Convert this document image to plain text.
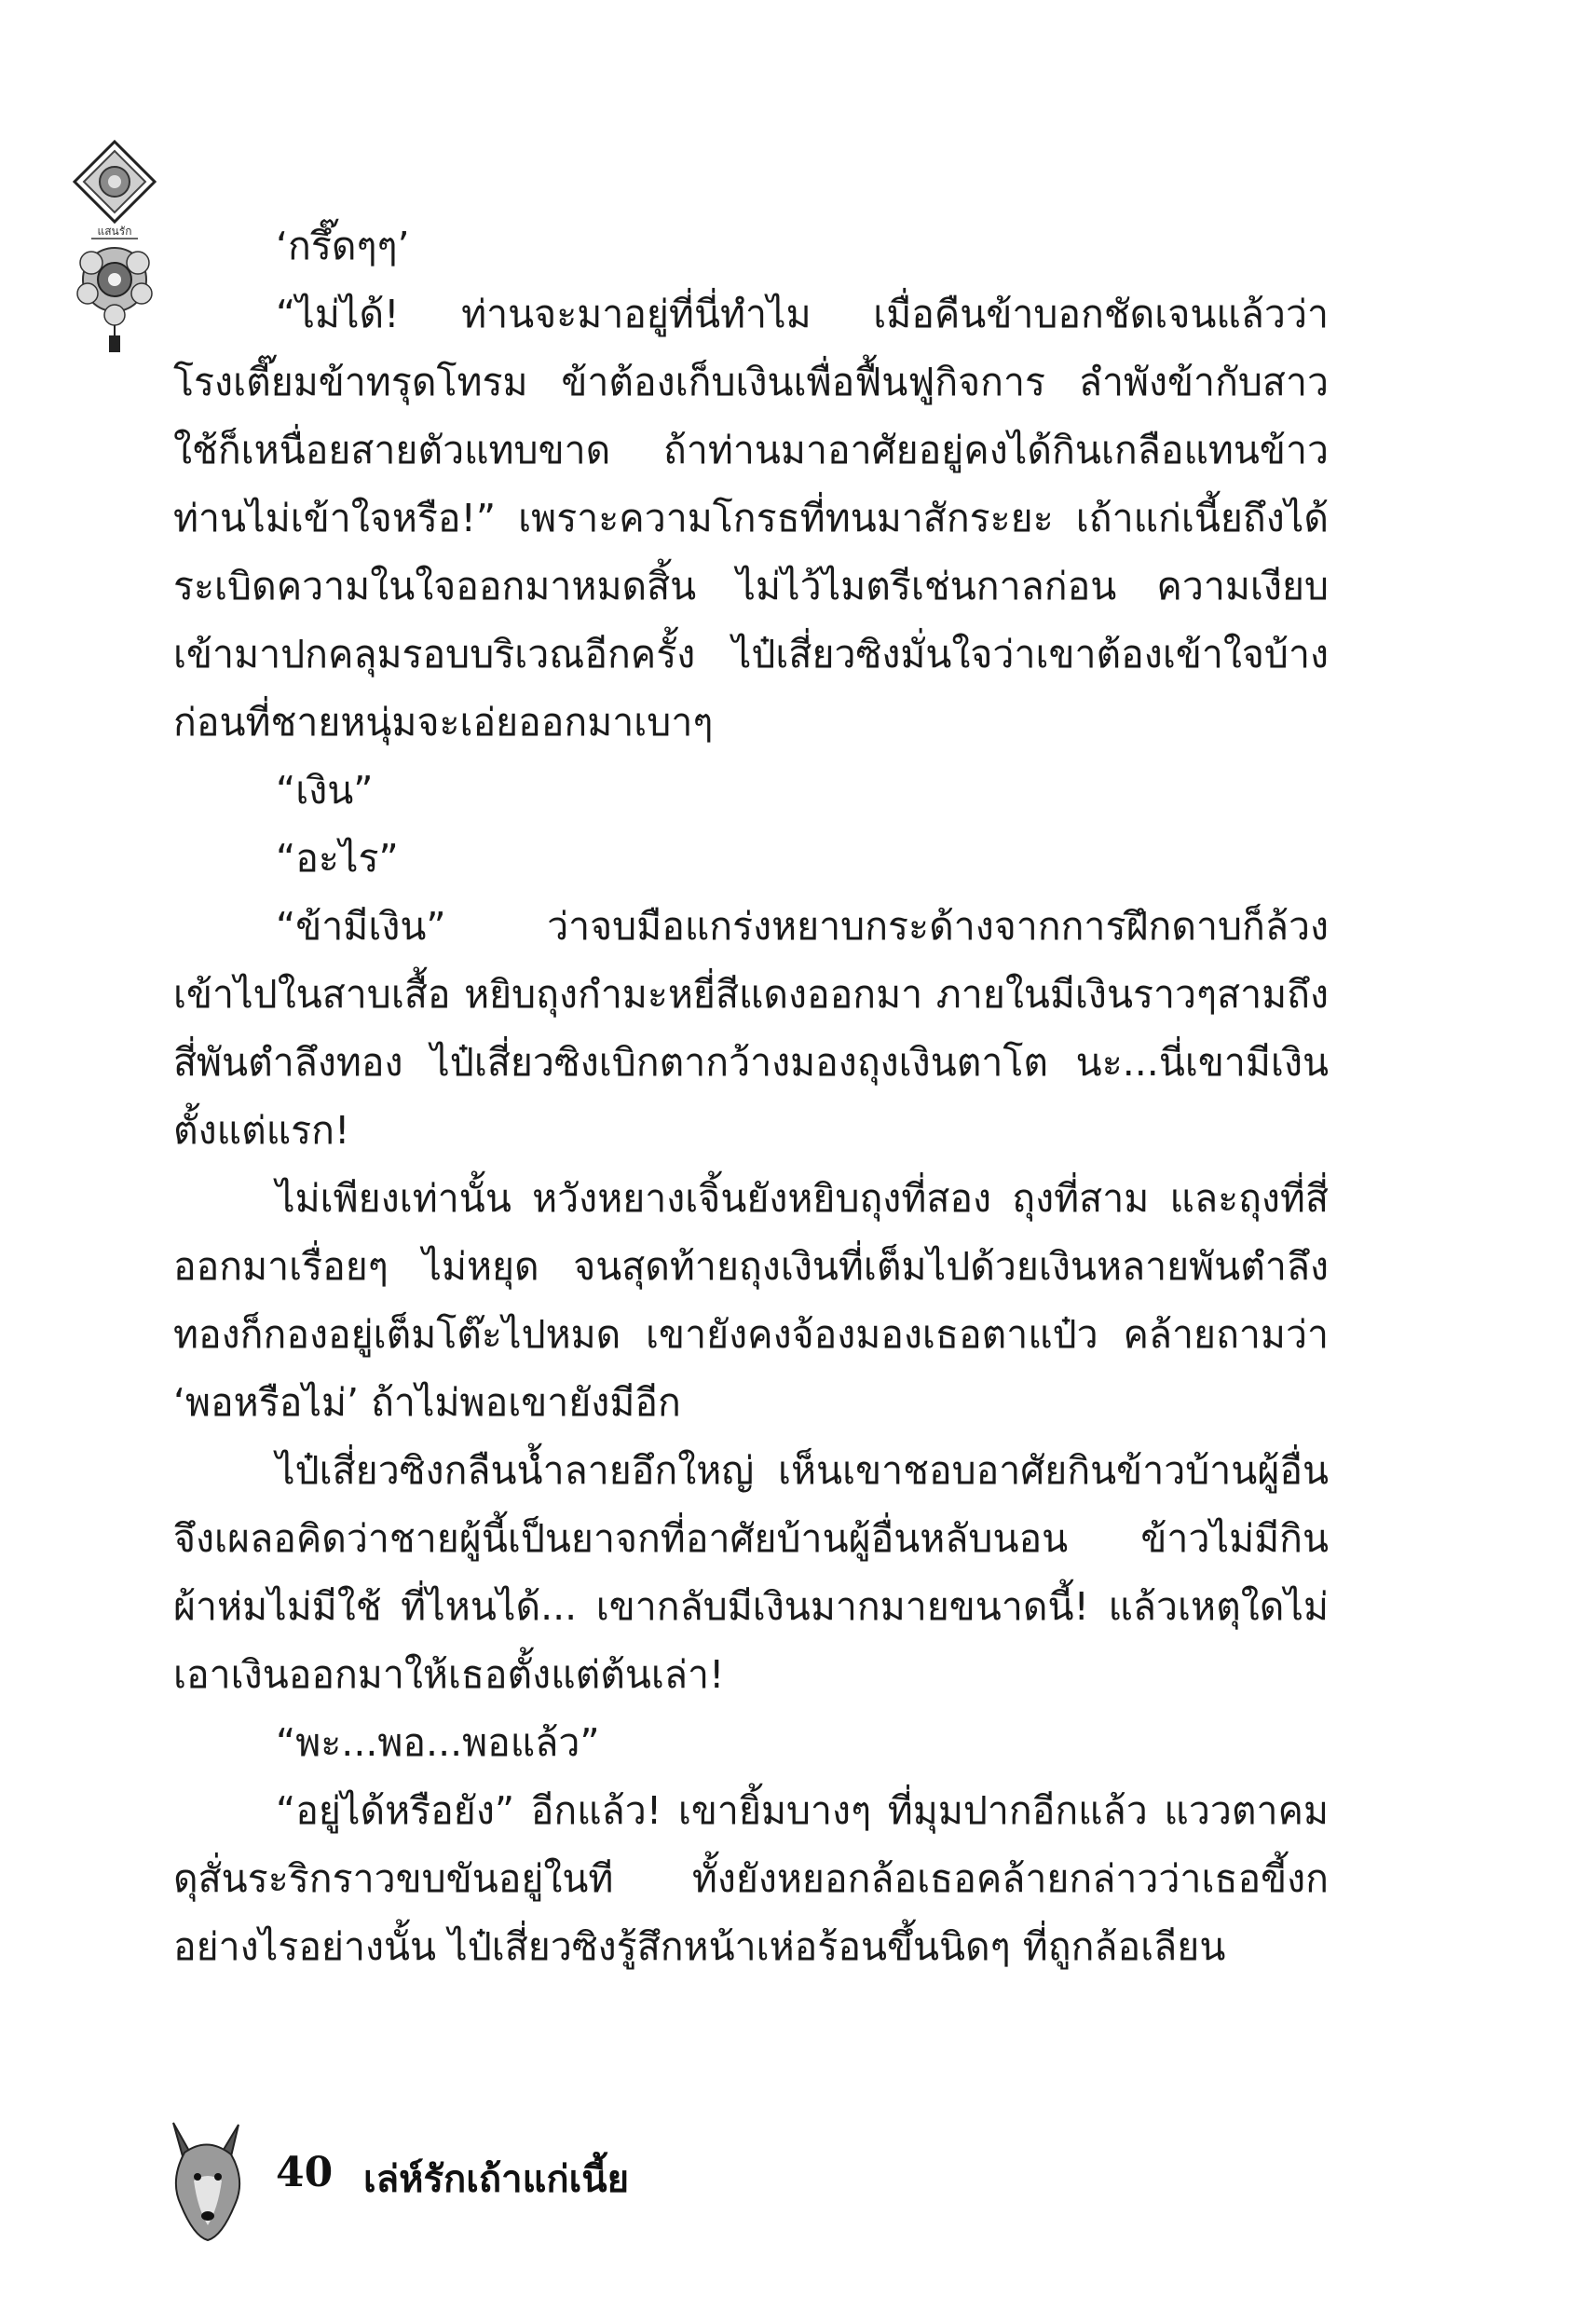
แสนรัก	‘กรึ๊ดๆๆ’

“ไม่ได้! ท่านจะมาอยู่ที่นี่ทำไม เมื่อคืนข้าบอกชัดเจนแล้วว่าโรงเตี๊ยมข้าทรุดโทรม ข้าต้องเก็บเงินเพื่อฟื้นฟูกิจการ ลำพังข้ากับสาวใช้ก็เหนื่อยสายตัวแทบขาด ถ้าท่านมาอาศัยอยู่คงได้กินเกลือแทนข้าว ท่านไม่เข้าใจหรือ!” เพราะความโกรธที่ทนมาสักระยะ เถ้าแก่เนี้ยถึงได้ระเบิดความในใจออกมาหมดสิ้น ไม่ไว้ไมตรีเช่นกาลก่อน ความเงียบเข้ามาปกคลุมรอบบริเวณอีกครั้ง ไป๋เสี่ยวซิงมั่นใจว่าเขาต้องเข้าใจบ้าง ก่อนที่ชายหนุ่มจะเอ่ยออกมาเบาๆ

“เงิน”

“อะไร”

“ข้ามีเงิน” ว่าจบมือแกร่งหยาบกระด้างจากการฝึกดาบก็ล้วงเข้าไปในสาบเสื้อ หยิบถุงกำมะหยี่สีแดงออกมา ภายในมีเงินราวๆสามถึงสี่พันตำลึงทอง ไป๋เสี่ยวซิงเบิกตากว้างมองถุงเงินตาโต นะ...นี่เขามีเงินตั้งแต่แรก!

ไม่เพียงเท่านั้น หวังหยางเจิ้นยังหยิบถุงที่สอง ถุงที่สาม และถุงที่สี่ออกมาเรื่อยๆ ไม่หยุด จนสุดท้ายถุงเงินที่เต็มไปด้วยเงินหลายพันตำลึงทองก็กองอยู่เต็มโต๊ะไปหมด เขายังคงจ้องมองเธอตาแป๋ว คล้ายถามว่า ‘พอหรือไม่’ ถ้าไม่พอเขายังมีอีก

ไป๋เสี่ยวซิงกลืนน้ำลายอึกใหญ่ เห็นเขาชอบอาศัยกินข้าวบ้านผู้อื่นจึงเผลอคิดว่าชายผู้นี้เป็นยาจกที่อาศัยบ้านผู้อื่นหลับนอน ข้าวไม่มีกินผ้าห่มไม่มีใช้ ที่ไหนได้... เขากลับมีเงินมากมายขนาดนี้! แล้วเหตุใดไม่เอาเงินออกมาให้เธอตั้งแต่ต้นเล่า!

“พะ...พอ...พอแล้ว”

“อยู่ได้หรือยัง” อีกแล้ว! เขายิ้มบางๆ ที่มุมปากอีกแล้ว แววตาคมดุสั่นระริกราวขบขันอยู่ในที ทั้งยังหยอกล้อเธอคล้ายกล่าวว่าเธอขี้งกอย่างไรอย่างนั้น ไป๋เสี่ยวซิงรู้สึกหน้าเห่อร้อนขึ้นนิดๆ ที่ถูกล้อเลียน

40 เล่ห์รักเถ้าแก่เนี้ย
